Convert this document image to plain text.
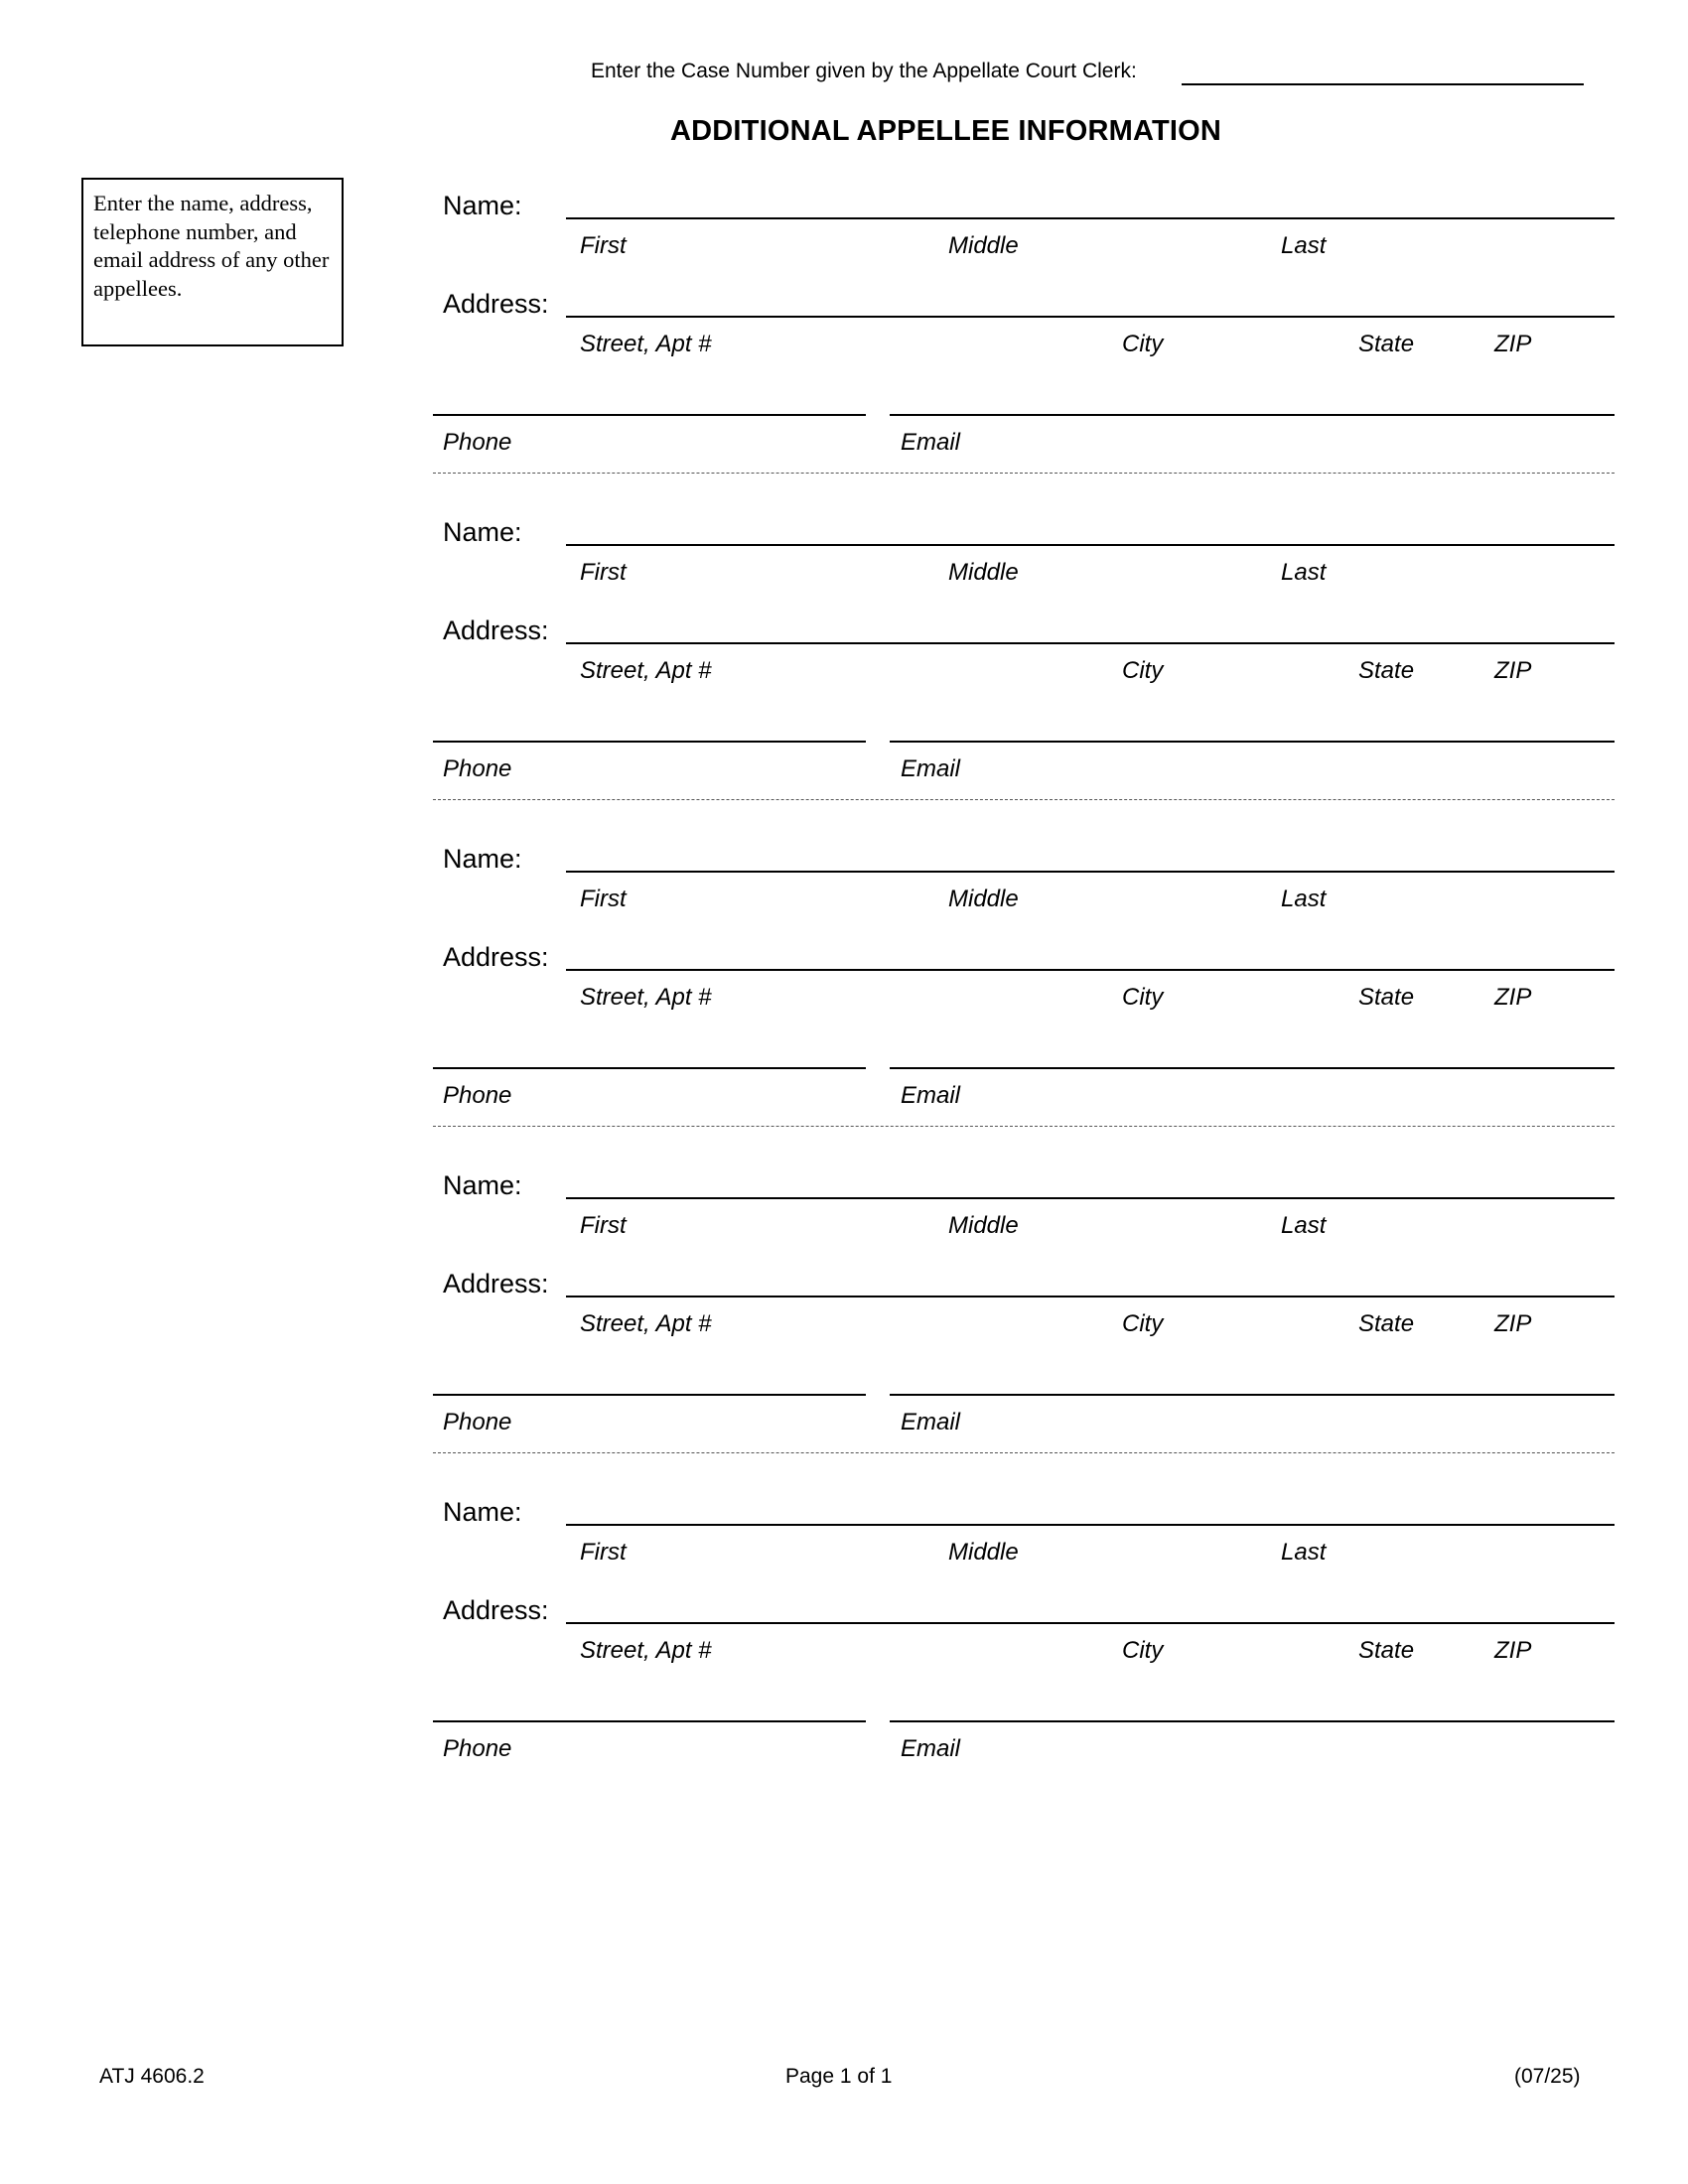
Enter the Case Number given by the Appellate Court Clerk:
ADDITIONAL APPELLEE INFORMATION
Enter the name, address, telephone number, and email address of any other appellees.
Name:
First	Middle	Last
Address:
Street, Apt #	City	State	ZIP
Phone	Email
Name:
First	Middle	Last
Address:
Street, Apt #	City	State	ZIP
Phone	Email
Name:
First	Middle	Last
Address:
Street, Apt #	City	State	ZIP
Phone	Email
Name:
First	Middle	Last
Address:
Street, Apt #	City	State	ZIP
Phone	Email
Name:
First	Middle	Last
Address:
Street, Apt #	City	State	ZIP
Phone	Email
ATJ 4606.2	Page 1 of 1	(07/25)
